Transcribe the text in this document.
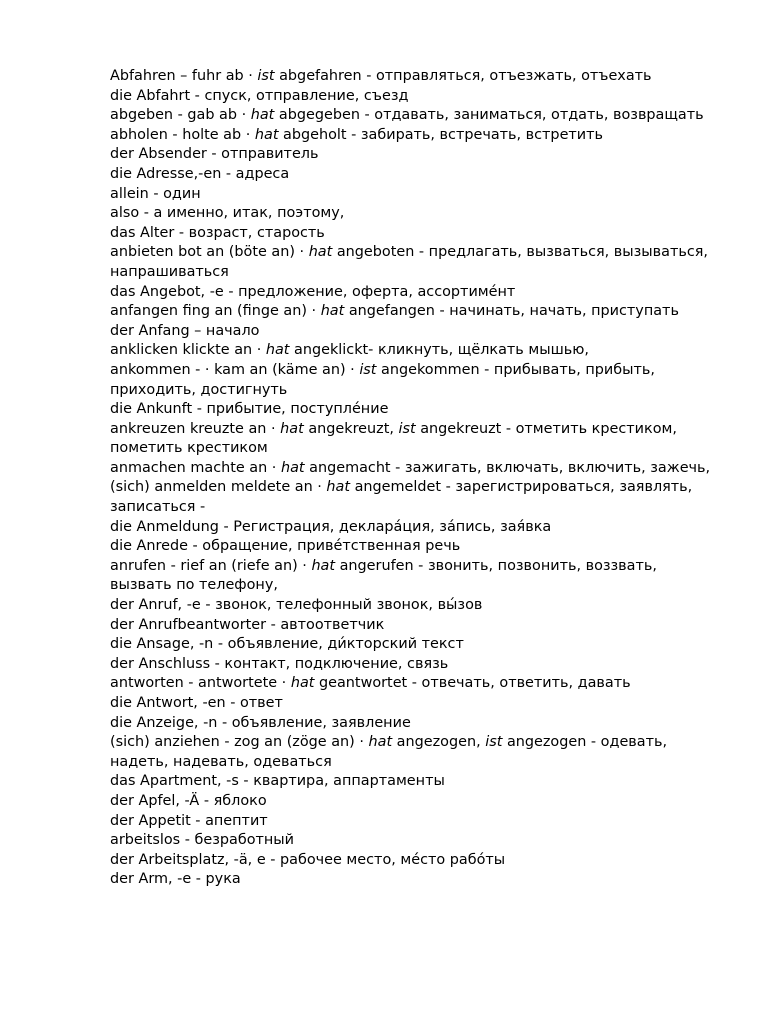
Abfahren – fuhr ab · ist abgefahren - отправляться, отъезжать, отъехать
die Abfahrt - спуск, отправление, съезд
abgeben - gab ab · hat abgegeben - отдавать, заниматься, отдать, возвращать
abholen - holte ab · hat abgeholt - забирать, встречать, встретить
der Absender - отправитель
die Adresse,-en - адреса
allein - один
also - а именно, итак, поэтому,
das Alter - возраст, старость
anbieten bot an (böte an) · hat angeboten - предлагать, вызваться, вызываться, напрашиваться
das Angebot, -e - предложение, оферта, ассортиме́нт
anfangen fing an (finge an) · hat angefangen - начинать, начать, приступать
der Anfang – начало
anklicken klickte an · hat angeklickt- кликнуть, щёлкать мышью,
ankommen - · kam an (käme an) · ist angekommen - прибывать, прибыть, приходить, достигнуть
die Ankunft - прибытие, поступле́ние
ankreuzen kreuzte an · hat angekreuzt, ist angekreuzt - отметить крестиком, пометить крестиком
anmachen machte an · hat angemacht - зажигать, включать, включить, зажечь,
(sich) anmelden meldete an · hat angemeldet - зарегистрироваться, заявлять, записаться -
die Anmeldung - Регистрация, деклара́ция, за́пись, зая́вка
die Anrede - обращение, приве́тственная речь
anrufen - rief an (riefe an) · hat angerufen - звонить, позвонить, воззвать, вызвать по телефону,
der Anruf, -e - звонок, телефонный звонок, вы́зов
der Anrufbeantworter - автоответчик
die Ansage, -n - объявление, ди́кторский текст
der Anschluss - контакт, подключение, связь
antworten - antwortete · hat geantwortet - отвечать, ответить, давать
die Antwort, -en - ответ
die Anzeige, -n - объявление, заявление
(sich) anziehen - zog an (zöge an) · hat angezogen, ist angezogen - одевать, надеть, надевать, одеваться
das Apartment, -s - квартира, аппартаменты
der Apfel, -Ä - яблоко
der Appetit - апептит
arbeitslos - безработный
der Arbeitsplatz, -ä, e - рабочее место, ме́сто рабо́ты
der Arm, -e - рука
